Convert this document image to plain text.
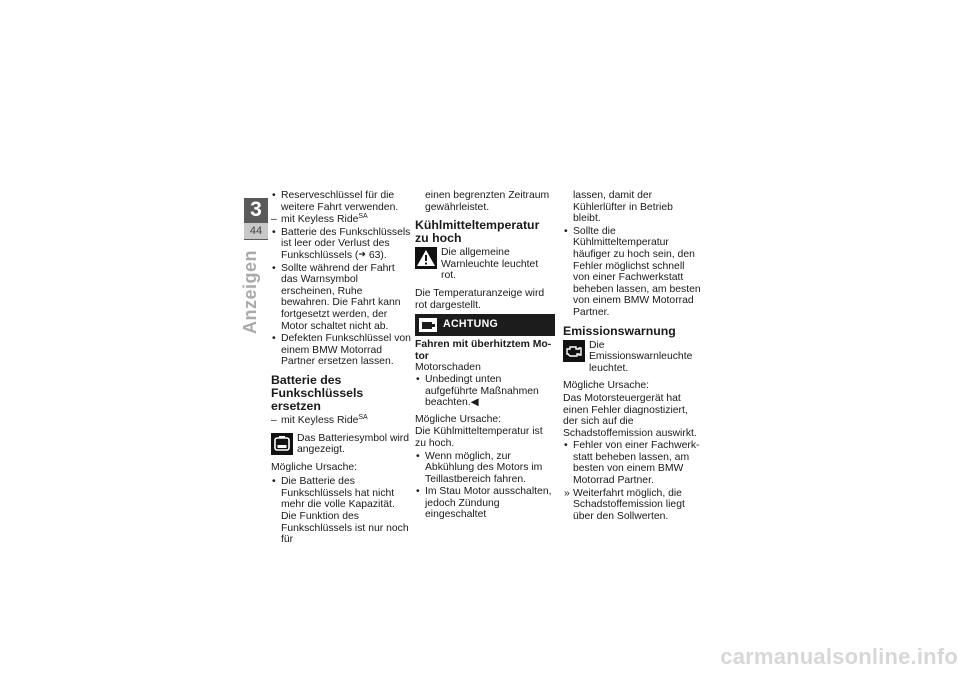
3
44
Anzeigen
• Reserveschlüssel für die weitere Fahrt verwenden.
– mit Keyless Ride$^{SA}$
• Batterie des Funkschlüssels ist leer oder Verlust des Funkschlüssels (➜ 63).
• Sollte während der Fahrt das Warnsymbol erscheinen, Ruhe bewahren. Die Fahrt kann fortgesetzt werden, der Motor schaltet nicht ab.
• Defekten Funkschlüssel von einem BMW Motorrad Partner ersetzen lassen.
Batterie des Funkschlüssels ersetzen
– mit Keyless Ride$^{SA}$
Das Batteriesymbol wird angezeigt.

Mögliche Ursache:

• Die Batterie des Funkschlüssels hat nicht mehr die volle Kapazität. Die Funktion des Funkschlüssels ist nur noch für

einen begrenzten Zeitraum gewährleistet.

Kühlmitteltemperatur zu hoch
Die allgemeine Warnleuchte leuchtet rot.

Die Temperaturanzeige wird rot dargestellt.

ACHTUNG

Fahren mit überhitztem Motor

Motorschaden

• Unbedingt unten aufgeführte Maßnahmen beachten.◀

Mögliche Ursache:

Die Kühlmitteltemperatur ist zu hoch.

• Wenn möglich, zur Abkühlung des Motors im Teillastbereich fahren.
• Im Stau Motor ausschalten, jedoch Zündung eingeschaltet

lassen, damit der Kühlerlüfter in Betrieb bleibt.

• Sollte die Kühlmitteltemperatur häufiger zu hoch sein, den Fehler möglichst schnell von einer Fachwerkstatt beheben lassen, am besten von einem BMW Motorrad Partner.
Emissionswarnung
Die Emissionswarnleuchte leuchtet.

Mögliche Ursache:

Das Motorsteuergerät hat einen Fehler diagnostiziert, der sich auf die Schadstoffemission auswirkt.

• Fehler von einer Fachwerkstatt beheben lassen, am besten von einem BMW Motorrad Partner.
» Weiterfahrt möglich, die Schadstoffemission liegt über den Sollwerten.
carmanualsonline.info
